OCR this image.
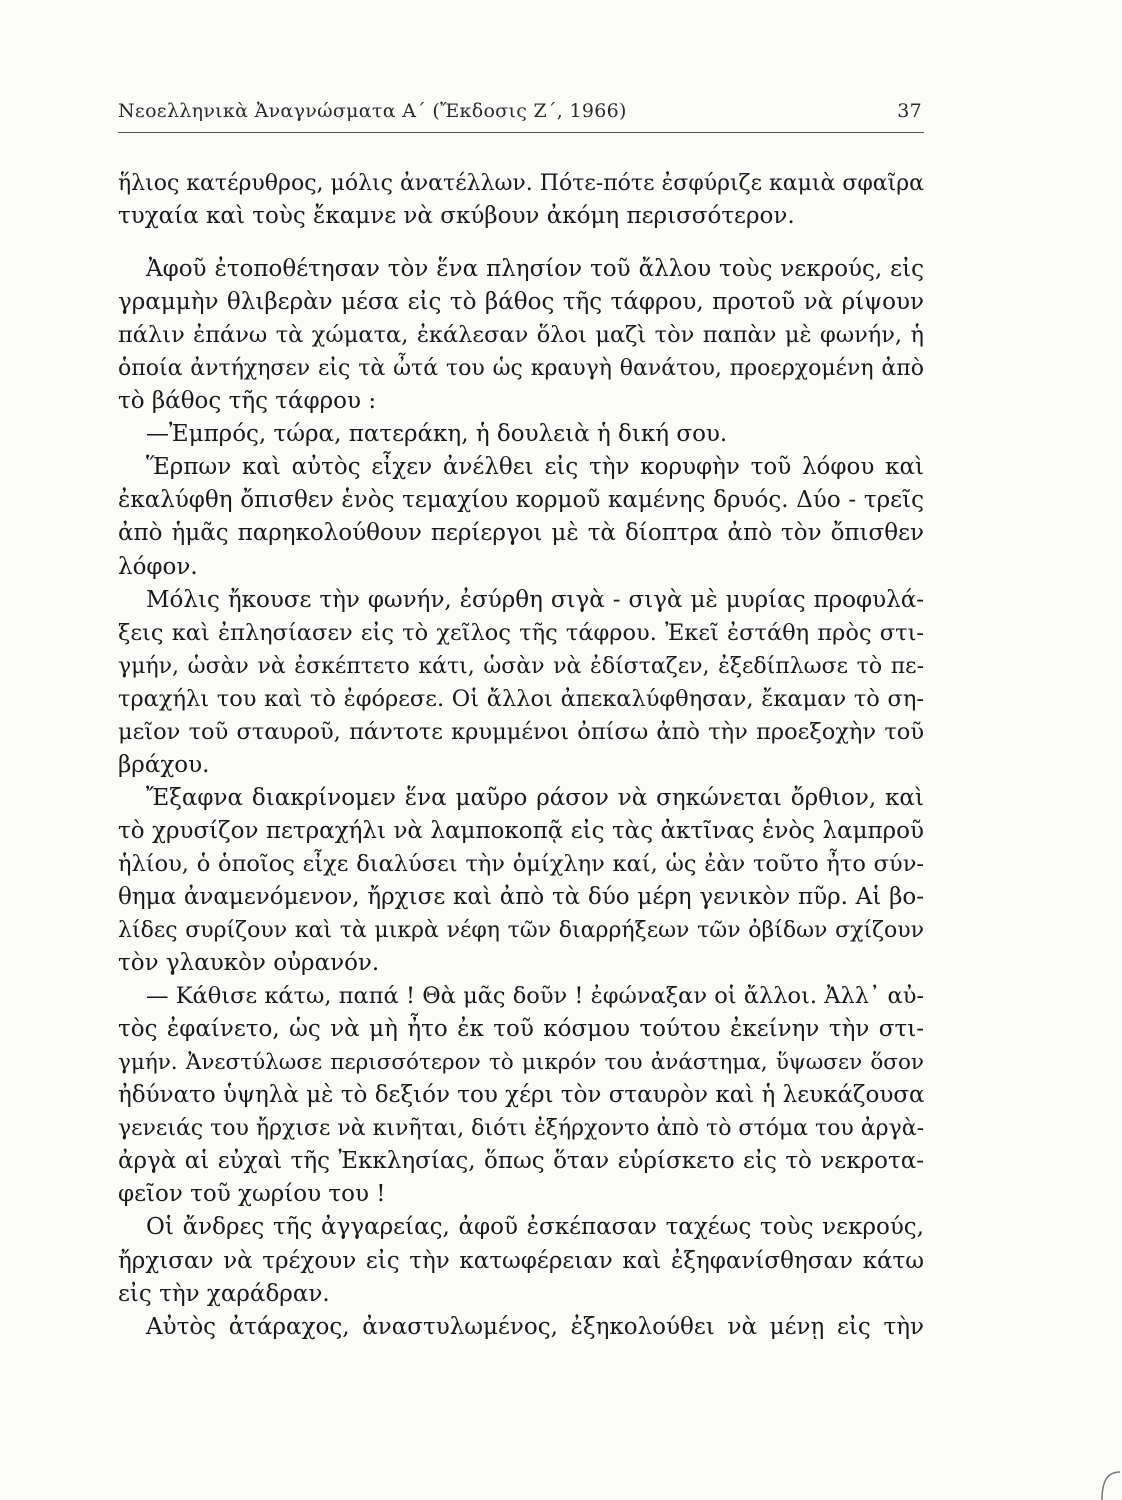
Νεοελληνικὰ Ἀναγνώσματα Α΄ (Ἔκδοσις Ζ΄, 1966)	37
ἥλιος κατέρυθρος, μόλις ἀνατέλλων. Πότε-πότε ἐσφύριζε καμιὰ σφαῖρα
τυχαία καὶ τοὺς ἔκαμνε νὰ σκύβουν ἀκόμη περισσότερον.
Ἀφοῦ ἐτοποθέτησαν τὸν ἕνα πλησίον τοῦ ἄλλου τοὺς νεκρούς, εἰς
γραμμὴν θλιβερὰν μέσα εἰς τὸ βάθος τῆς τάφρου, προτοῦ νὰ ρίψουν
πάλιν ἐπάνω τὰ χώματα, ἐκάλεσαν ὅλοι μαζὶ τὸν παπὰν μὲ φωνήν, ἡ
ὁποία ἀντήχησεν εἰς τὰ ὦτά του ὡς κραυγὴ θανάτου, προερχομένη ἀπὸ
τὸ βάθος τῆς τάφρου :
—Ἐμπρός, τώρα, πατεράκη, ἡ δουλειὰ ἡ δική σου.
Ἕρπων καὶ αὐτὸς εἶχεν ἀνέλθει εἰς τὴν κορυφὴν τοῦ λόφου καὶ
ἐκαλύφθη ὄπισθεν ἑνὸς τεμαχίου κορμοῦ καμένης δρυός. Δύο - τρεῖς
ἀπὸ ἡμᾶς παρηκολούθουν περίεργοι μὲ τὰ δίοπτρα ἀπὸ τὸν ὄπισθεν
λόφον.
Μόλις ἤκουσε τὴν φωνήν, ἐσύρθη σιγὰ - σιγὰ μὲ μυρίας προφυλά-
ξεις καὶ ἐπλησίασεν εἰς τὸ χεῖλος τῆς τάφρου. Ἐκεῖ ἐστάθη πρὸς στι-
γμήν, ὡσὰν νὰ ἐσκέπτετο κάτι, ὡσὰν νὰ ἐδίσταζεν, ἐξεδίπλωσε τὸ πε-
τραχήλι του καὶ τὸ ἐφόρεσε. Οἱ ἄλλοι ἀπεκαλύφθησαν, ἔκαμαν τὸ ση-
μεῖον τοῦ σταυροῦ, πάντοτε κρυμμένοι ὀπίσω ἀπὸ τὴν προεξοχὴν τοῦ
βράχου.
Ἔξαφνα διακρίνομεν ἕνα μαῦρο ράσον νὰ σηκώνεται ὄρθιον, καὶ
τὸ χρυσίζον πετραχήλι νὰ λαμποκοπᾷ εἰς τὰς ἀκτῖνας ἑνὸς λαμπροῦ
ἡλίου, ὁ ὁποῖος εἶχε διαλύσει τὴν ὁμίχλην καί, ὡς ἐὰν τοῦτο ἦτο σύν-
θημα ἀναμενόμενον, ἤρχισε καὶ ἀπὸ τὰ δύο μέρη γενικὸν πῦρ. Αἱ βο-
λίδες συρίζουν καὶ τὰ μικρὰ νέφη τῶν διαρρήξεων τῶν ὀβίδων σχίζουν
τὸν γλαυκὸν οὐρανόν.
— Κάθισε κάτω, παπά ! Θὰ μᾶς δοῦν ! ἐφώναξαν οἱ ἄλλοι. Ἀλλ᾽ αὐ-
τὸς ἐφαίνετο, ὡς νὰ μὴ ἦτο ἐκ τοῦ κόσμου τούτου ἐκείνην τὴν στι-
γμήν. Ἀνεστύλωσε περισσότερον τὸ μικρόν του ἀνάστημα, ὕψωσεν ὅσον
ἠδύνατο ὑψηλὰ μὲ τὸ δεξιόν του χέρι τὸν σταυρὸν καὶ ἡ λευκάζουσα
γενειάς του ἤρχισε νὰ κινῆται, διότι ἐξήρχοντο ἀπὸ τὸ στόμα του ἀργὰ-
ἀργὰ αἱ εὐχαὶ τῆς Ἐκκλησίας, ὅπως ὅταν εὑρίσκετο εἰς τὸ νεκροτα-
φεῖον τοῦ χωρίου του !
Οἱ ἄνδρες τῆς ἀγγαρείας, ἀφοῦ ἐσκέπασαν ταχέως τοὺς νεκρούς,
ἤρχισαν νὰ τρέχουν εἰς τὴν κατωφέρειαν καὶ ἐξηφανίσθησαν κάτω
εἰς τὴν χαράδραν.
Αὐτὸς ἀτάραχος, ἀναστυλωμένος, ἐξηκολούθει νὰ μένῃ εἰς τὴν
